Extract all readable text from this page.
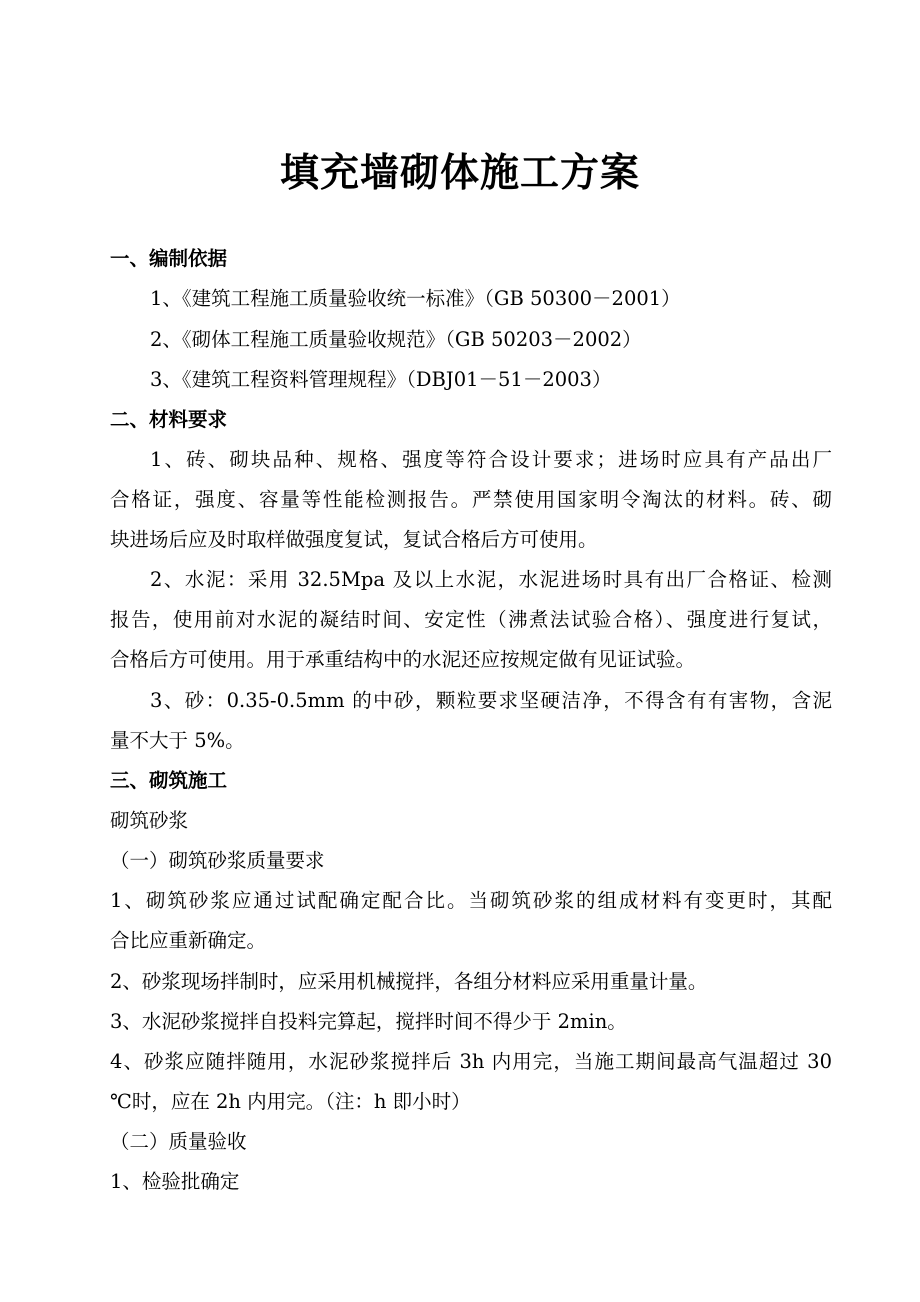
填充墙砌体施工方案
一、编制依据
1、《建筑工程施工质量验收统一标准》（GB 50300－2001）
2、《砌体工程施工质量验收规范》（GB 50203－2002）
3、《建筑工程资料管理规程》（DBJ01－51－2003）
二、材料要求
1、砖、砌块品种、规格、强度等符合设计要求；进场时应具有产品出厂
合格证，强度、容量等性能检测报告。严禁使用国家明令淘汰的材料。砖、砌
块进场后应及时取样做强度复试，复试合格后方可使用。
2、水泥：采用 32.5Mpa 及以上水泥，水泥进场时具有出厂合格证、检测
报告，使用前对水泥的凝结时间、安定性（沸煮法试验合格）、强度进行复试，
合格后方可使用。用于承重结构中的水泥还应按规定做有见证试验。
3、砂：0.35-0.5mm 的中砂，颗粒要求坚硬洁净，不得含有有害物，含泥
量不大于 5%。
三、砌筑施工
砌筑砂浆
（一）砌筑砂浆质量要求
1、砌筑砂浆应通过试配确定配合比。当砌筑砂浆的组成材料有变更时，其配
合比应重新确定。
2、砂浆现场拌制时，应采用机械搅拌，各组分材料应采用重量计量。
3、水泥砂浆搅拌自投料完算起，搅拌时间不得少于 2min。
4、砂浆应随拌随用，水泥砂浆搅拌后 3h 内用完，当施工期间最高气温超过 30
℃时，应在 2h 内用完。（注：h 即小时）
（二）质量验收
1、检验批确定
